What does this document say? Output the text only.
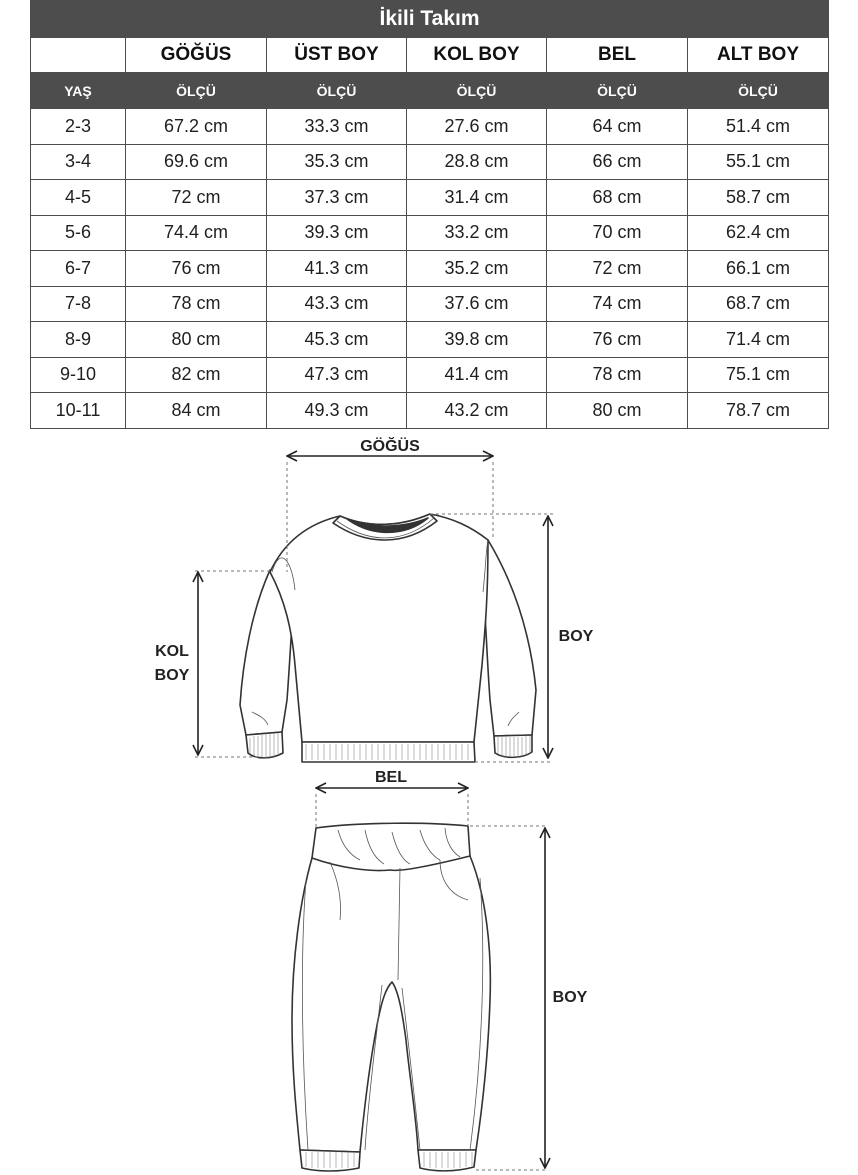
İkili Takım					
	GÖĞÜS	ÜST BOY	KOL BOY	BEL	ALT BOY
YAŞ	ÖLÇÜ	ÖLÇÜ	ÖLÇÜ	ÖLÇÜ	ÖLÇÜ
2-3	67.2 cm	33.3 cm	27.6 cm	64 cm	51.4 cm
3-4	69.6 cm	35.3 cm	28.8 cm	66 cm	55.1 cm
4-5	72 cm	37.3 cm	31.4 cm	68 cm	58.7 cm
5-6	74.4 cm	39.3 cm	33.2 cm	70 cm	62.4 cm
6-7	76 cm	41.3 cm	35.2 cm	72 cm	66.1 cm
7-8	78 cm	43.3 cm	37.6 cm	74 cm	68.7 cm
8-9	80 cm	45.3 cm	39.8 cm	76 cm	71.4 cm
9-10	82 cm	47.3 cm	41.4 cm	78 cm	75.1 cm
10-11	84 cm	49.3 cm	43.2 cm	80 cm	78.7 cm
GÖĞÜS
KOL
BOY
BOY
BEL
BOY
